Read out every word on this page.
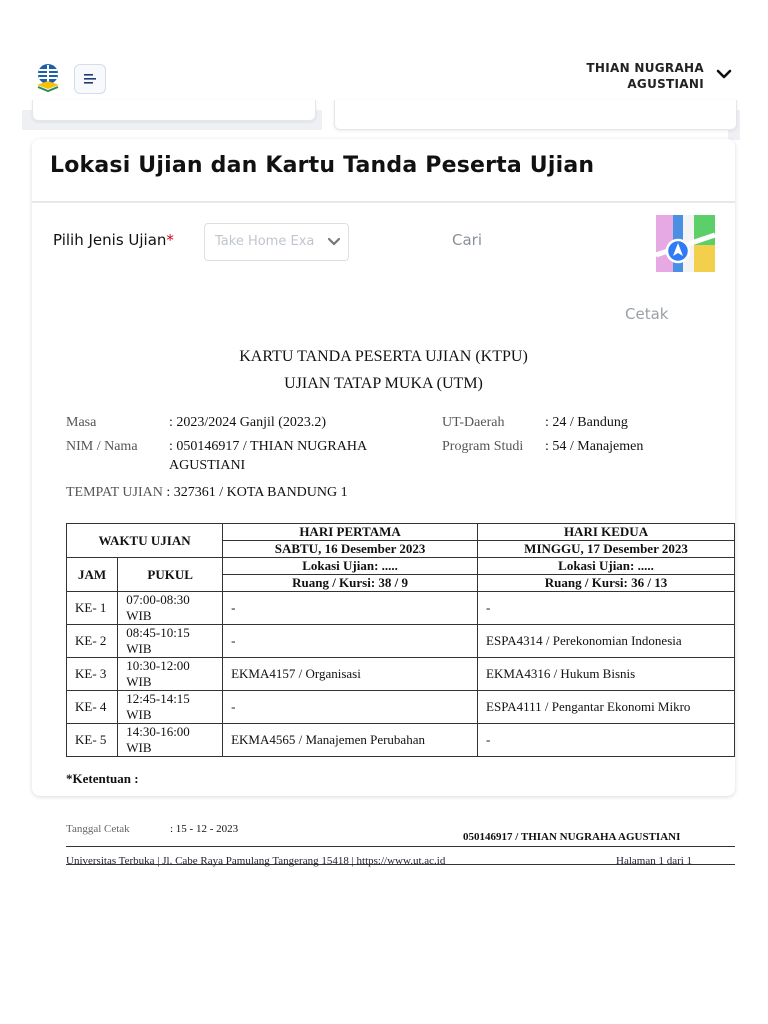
THIAN NUGRAHA
AGUSTIANI
Lokasi Ujian dan Kartu Tanda Peserta Ujian
Pilih Jenis Ujian*	Take Home Exa	Cari
Cetak
KARTU TANDA PESERTA UJIAN (KTPU)
UJIAN TATAP MUKA (UTM)
Masa	: 2023/2024 Ganjil (2023.2)
NIM / Nama : 050146917 / THIAN NUGRAHA
AGUSTIANI
UT-Daerah	: 24 / Bandung
Program Studi : 54 / Manajemen
TEMPAT UJIAN : 327361 / KOTA BANDUNG 1
WAKTU UJIAN		HARI PERTAMA	HARI KEDUA
		SABTU, 16 Desember 2023	MINGGU, 17 Desember 2023
JAM	PUKUL	Lokasi Ujian: .....	Lokasi Ujian: .....
		Ruang / Kursi: 38 / 9	Ruang / Kursi: 36 / 13
KE- 1	07:00-08:30 WIB	-	-
KE- 2	08:45-10:15 WIB	-	ESPA4314 / Perekonomian Indonesia
KE- 3	10:30-12:00 WIB	EKMA4157 / Organisasi	EKMA4316 / Hukum Bisnis
KE- 4	12:45-14:15 WIB	-	ESPA4111 / Pengantar Ekonomi Mikro
KE- 5	14:30-16:00 WIB	EKMA4565 / Manajemen Perubahan	-
Tanggal Cetak	: 15 - 12 - 2023
050146917 / THIAN NUGRAHA AGUSTIANI
Universitas Terbuka | Jl. Cabe Raya Pamulang Tangerang 15418 | https://www.ut.ac.id	Halaman 1 dari 1
*Ketentuan :
